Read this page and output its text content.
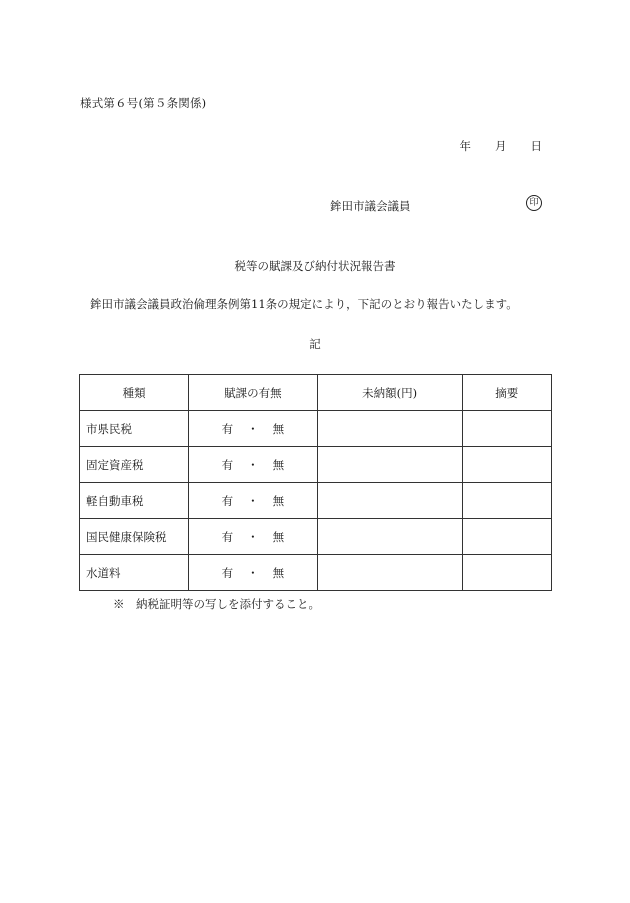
様式第６号(第５条関係)
年 月 日
鉾田市議会議員	印
税等の賦課及び納付状況報告書
鉾田市議会議員政治倫理条例第11条の規定により，下記のとおり報告いたします。
記
種類	賦課の有無	未納額(円)	摘要
市県民税	有 ・ 無		
固定資産税	有 ・ 無		
軽自動車税	有 ・ 無		
国民健康保険税	有 ・ 無		
水道料	有 ・ 無		
※　納税証明等の写しを添付すること。
